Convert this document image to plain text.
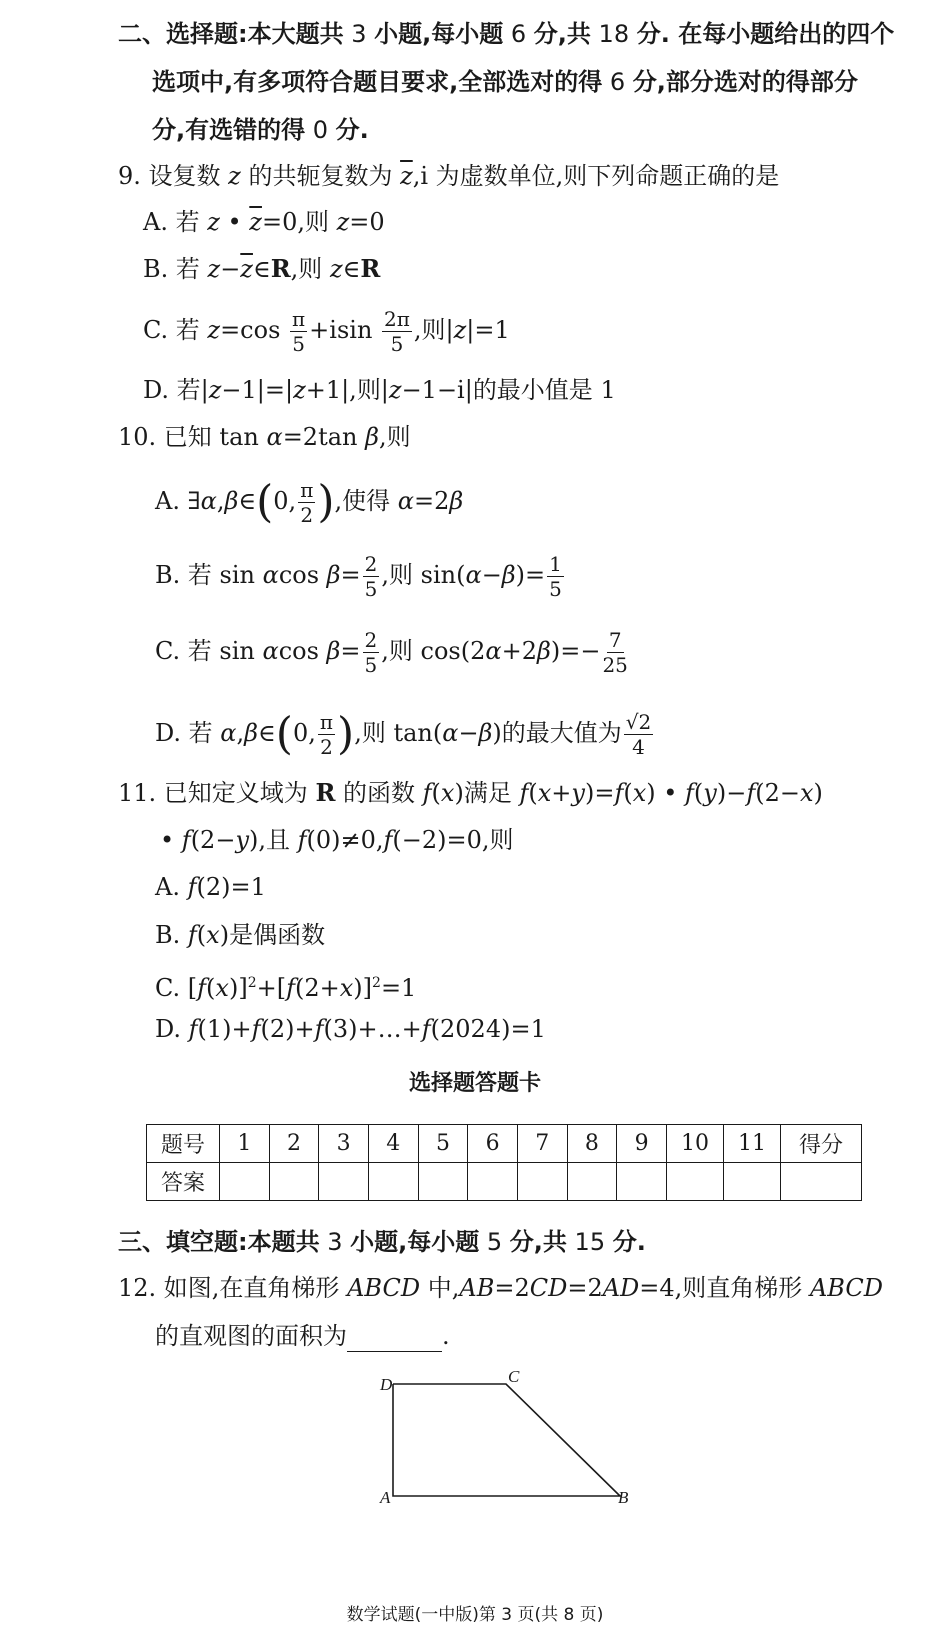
二、选择题:本大题共 3 小题,每小题 6 分,共 18 分. 在每小题给出的四个
选项中,有多项符合题目要求,全部选对的得 6 分,部分选对的得部分
分,有选错的得 0 分.
9. 设复数 z 的共轭复数为 $\overline{z},i$ 为虚数单位,则下列命题正确的是
A. 若 z • $\overline{z}=0$,则 z=0
B. 若 $z-\overline{z}\in R$,则 z∈R
C. 若 $z=\cos \frac{\pi}{5} +isin \frac{2\pi}{5}$ ,则|z|=1
D. 若|z−1|=|z+1|,则|z−1−i|的最小值是 1
10. 已知 tan α=2tan β,则
A. ∃α,β∈(0, $\frac{\pi}{2}$ ),使得 α=2β
B. 若 sin αcos $\beta= \frac{2}{5}$ ,则 $\sin(\alpha-\beta)= \frac{1}{5}$
C. 若 sin αcos $\beta= \frac{2}{5}$ ,则 $\cos(2\alpha+2\beta)=- \frac{7}{25}$
D. 若 α,β∈(0, $\frac{\pi}{2}$ ),则 tan(α−β)的最大值为 $\frac{√2}{4}$
11. 已知定义域为 R 的函数 f(x)满足 f(x+y)=f(x) • f(y)−f(2−x)
• f(2−y),且 f(0)≠0,f(−2)=0,则
A. f(2)=1
B. f(x)是偶函数
C. $[f(x)]^2+[f(2+x)]^2=1$
D. f(1)+f(2)+f(3)+…+f(2024)=1
选择题答题卡
题号	1	2	3	4	5	6	7	8	9	10	11	得分
答案												
三、填空题:本题共 3 小题,每小题 5 分,共 15 分.
12. 如图,在直角梯形 ABCD 中,AB=2CD=2AD=4,则直角梯形 ABCD
的直观图的面积为	.
D	C
A	B
数学试题(一中版)第 3 页(共 8 页)
